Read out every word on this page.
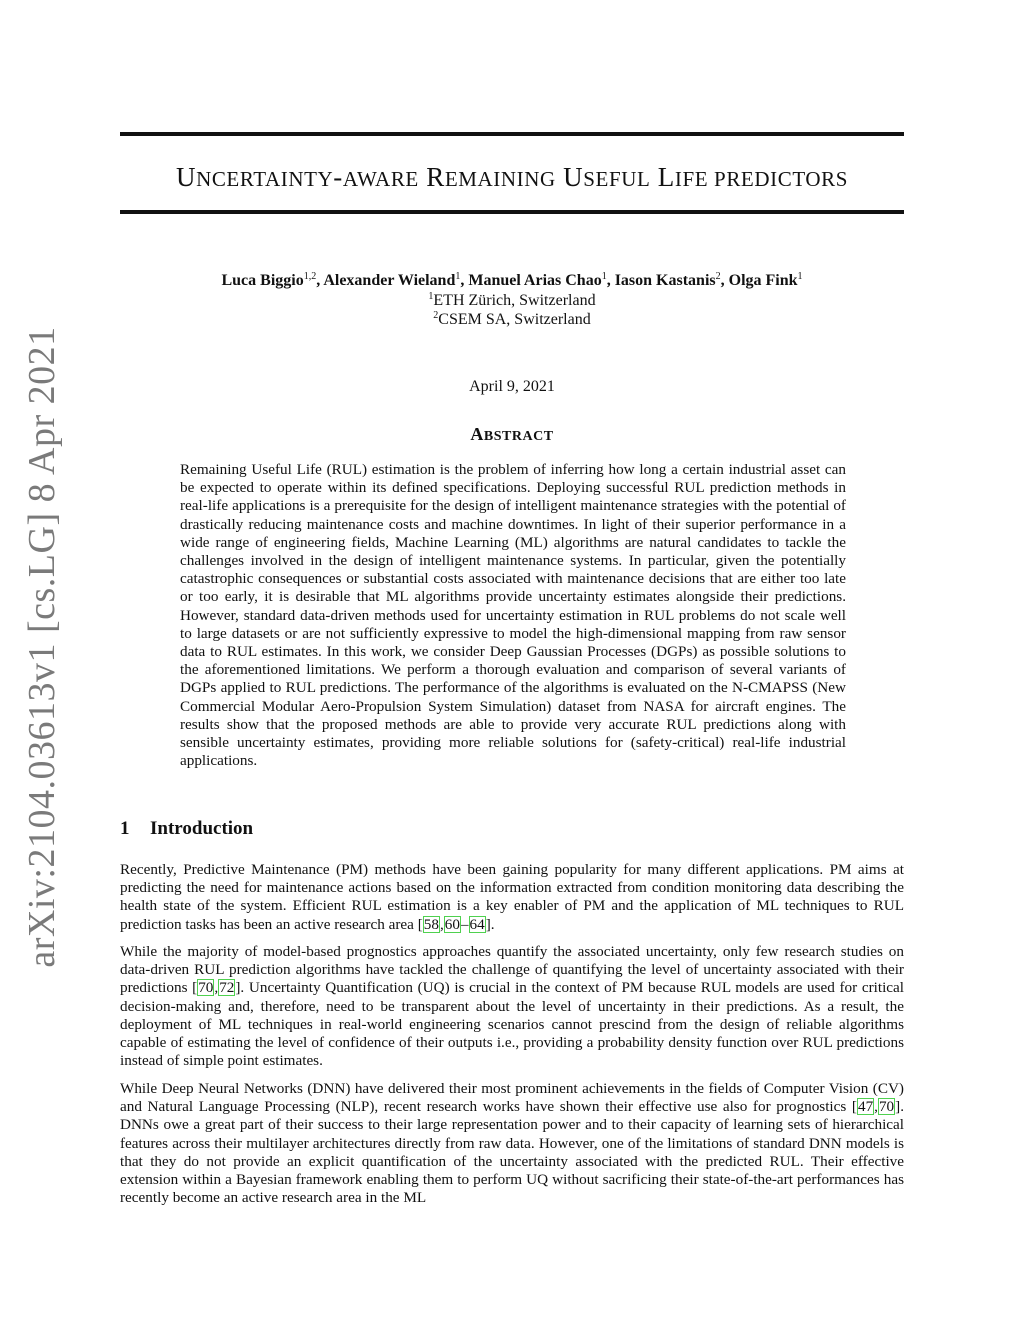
arXiv:2104.03613v1 [cs.LG] 8 Apr 2021
UNCERTAINTY-AWARE REMAINING USEFUL LIFE PREDICTORS
Luca Biggio$^{1,2}$, Alexander Wieland$^1$, Manuel Arias Chao$^1$, Iason Kastanis$^2$, Olga Fink$^1$
$^1$ETH Zürich, Switzerland
$^2$CSEM SA, Switzerland
April 9, 2021
ABSTRACT
Remaining Useful Life (RUL) estimation is the problem of inferring how long a certain industrial asset can be expected to operate within its defined specifications. Deploying successful RUL prediction methods in real-life applications is a prerequisite for the design of intelligent maintenance strategies with the potential of drastically reducing maintenance costs and machine downtimes. In light of their superior performance in a wide range of engineering fields, Machine Learning (ML) algorithms are natural candidates to tackle the challenges involved in the design of intelligent maintenance systems. In particular, given the potentially catastrophic consequences or substantial costs associated with maintenance decisions that are either too late or too early, it is desirable that ML algorithms provide uncertainty estimates alongside their predictions. However, standard data-driven methods used for uncertainty estimation in RUL problems do not scale well to large datasets or are not sufficiently expressive to model the high-dimensional mapping from raw sensor data to RUL estimates. In this work, we consider Deep Gaussian Processes (DGPs) as possible solutions to the aforementioned limitations. We perform a thorough evaluation and comparison of several variants of DGPs applied to RUL predictions. The performance of the algorithms is evaluated on the N-CMAPSS (New Commercial Modular Aero-Propulsion System Simulation) dataset from NASA for aircraft engines. The results show that the proposed methods are able to provide very accurate RUL predictions along with sensible uncertainty estimates, providing more reliable solutions for (safety-critical) real-life industrial applications.
1 Introduction
Recently, Predictive Maintenance (PM) methods have been gaining popularity for many different applications. PM aims at predicting the need for maintenance actions based on the information extracted from condition monitoring data describing the health state of the system. Efficient RUL estimation is a key enabler of PM and the application of ML techniques to RUL prediction tasks has been an active research area [58,60–64].
While the majority of model-based prognostics approaches quantify the associated uncertainty, only few research studies on data-driven RUL prediction algorithms have tackled the challenge of quantifying the level of uncertainty associated with their predictions [70,72]. Uncertainty Quantification (UQ) is crucial in the context of PM because RUL models are used for critical decision-making and, therefore, need to be transparent about the level of uncertainty in their predictions. As a result, the deployment of ML techniques in real-world engineering scenarios cannot prescind from the design of reliable algorithms capable of estimating the level of confidence of their outputs i.e., providing a probability density function over RUL predictions instead of simple point estimates.
While Deep Neural Networks (DNN) have delivered their most prominent achievements in the fields of Computer Vision (CV) and Natural Language Processing (NLP), recent research works have shown their effective use also for prognostics [47,70]. DNNs owe a great part of their success to their large representation power and to their capacity of learning sets of hierarchical features across their multilayer architectures directly from raw data. However, one of the limitations of standard DNN models is that they do not provide an explicit quantification of the uncertainty associated with the predicted RUL. Their effective extension within a Bayesian framework enabling them to perform UQ without sacrificing their state-of-the-art performances has recently become an active research area in the ML
